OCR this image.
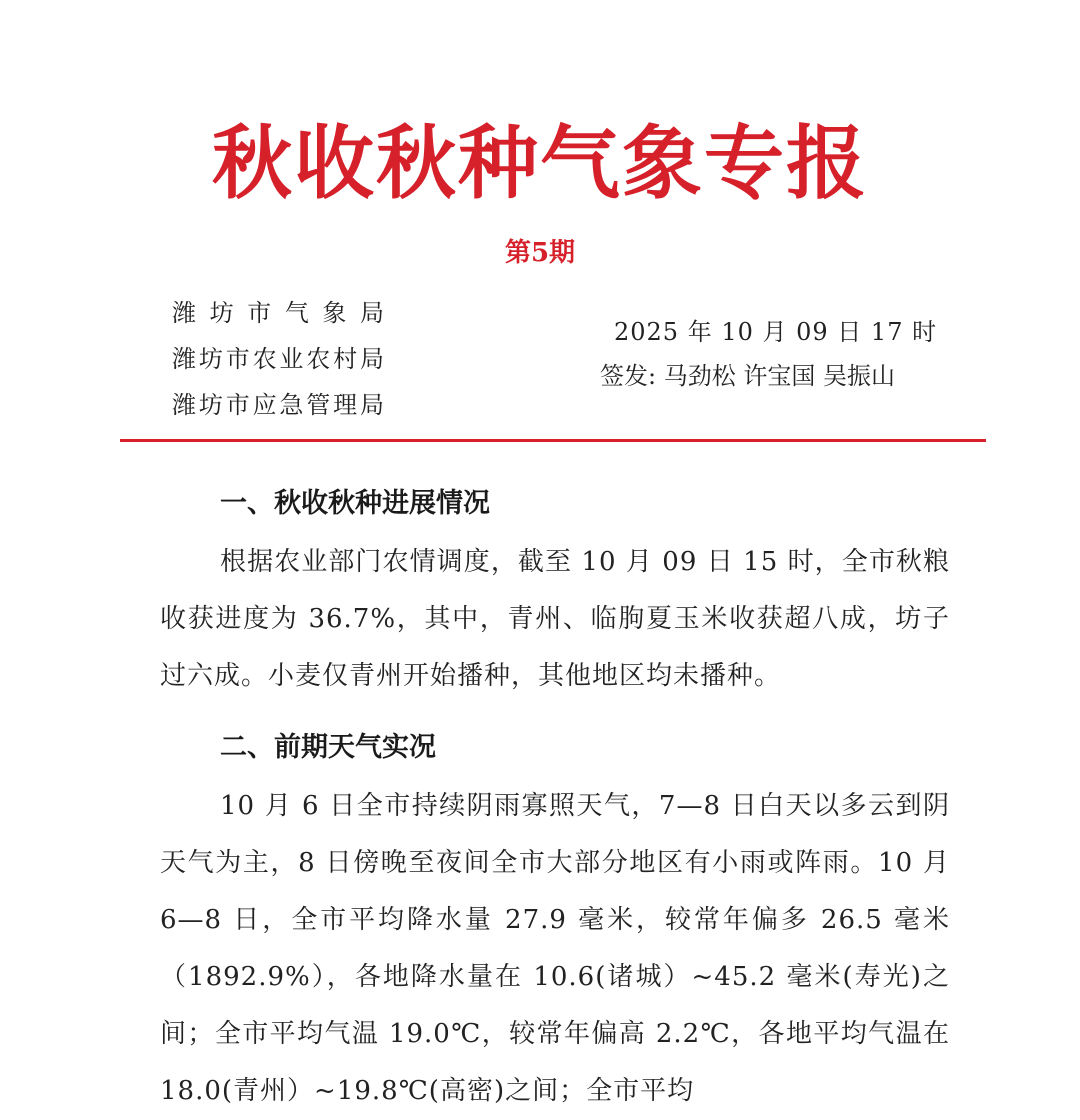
秋收秋种气象专报
第5期
潍坊市气象局
潍坊市农业农村局
潍坊市应急管理局
2025 年 10 月 09 日 17 时
签发: 马劲松 许宝国 吴振山
一、秋收秋种进展情况

根据农业部门农情调度，截至 10 月 09 日 15 时，全市秋粮收获进度为 36.7%，其中，青州、临朐夏玉米收获超八成，坊子过六成。小麦仅青州开始播种，其他地区均未播种。

二、前期天气实况

10 月 6 日全市持续阴雨寡照天气，7—8 日白天以多云到阴天气为主，8 日傍晚至夜间全市大部分地区有小雨或阵雨。10 月 6—8 日，全市平均降水量 27.9 毫米，较常年偏多 26.5 毫米（1892.9%），各地降水量在 10.6(诸城）~45.2 毫米(寿光)之间；全市平均气温 19.0℃，较常年偏高 2.2℃，各地平均气温在 18.0(青州）~19.8℃(高密)之间；全市平均
